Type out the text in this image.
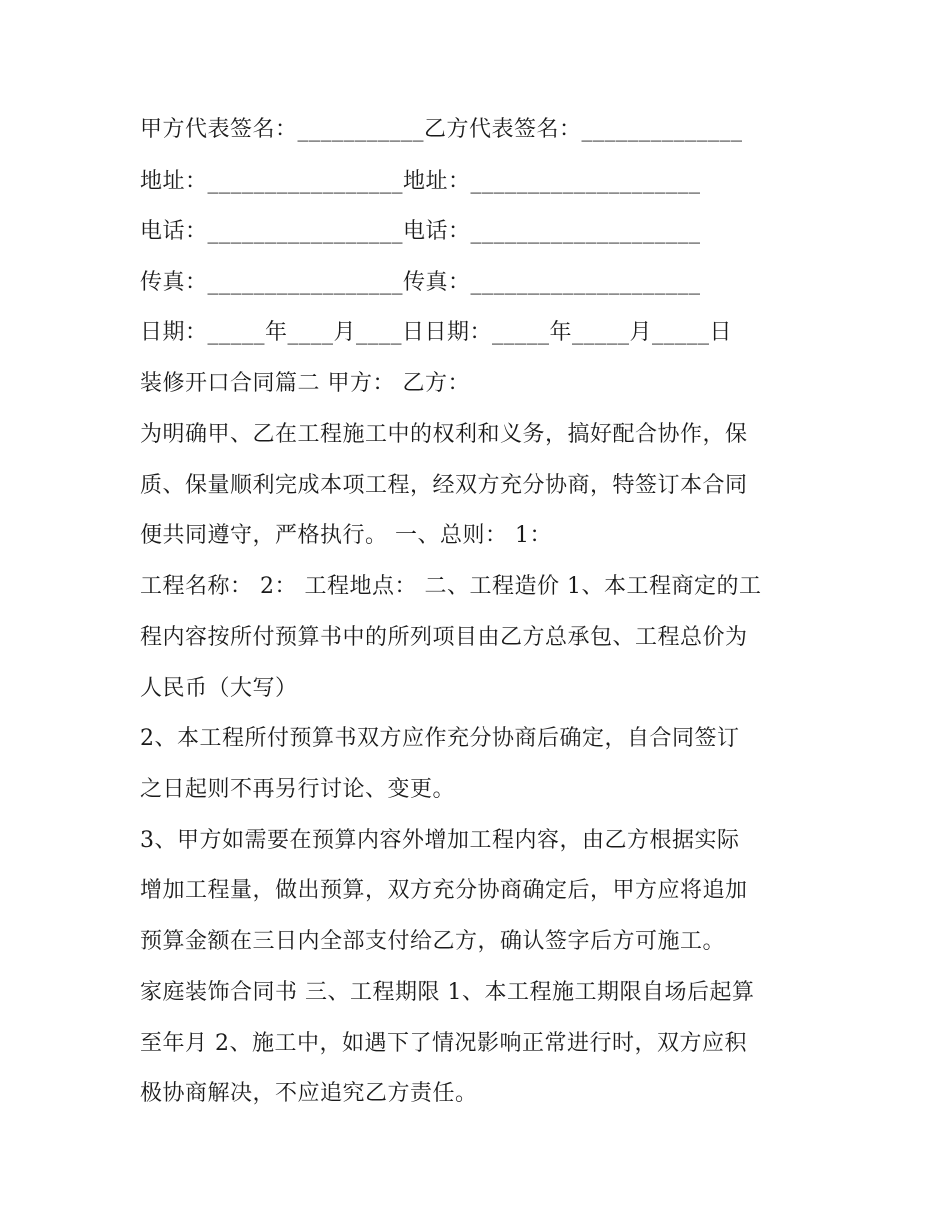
甲方代表签名：___________乙方代表签名：______________
地址：_________________地址：____________________
电话：_________________电话：____________________
传真：_________________传真：____________________
日期：_____年____月____日日期：_____年_____月_____日
装修开口合同篇二 甲方： 乙方：
为明确甲、乙在工程施工中的权利和义务，搞好配合协作，保
质、保量顺利完成本项工程，经双方充分协商，特签订本合同
便共同遵守，严格执行。 一、总则： 1：
工程名称： 2： 工程地点： 二、工程造价 1、本工程商定的工
程内容按所付预算书中的所列项目由乙方总承包、工程总价为
人民币（大写）
2、本工程所付预算书双方应作充分协商后确定，自合同签订
之日起则不再另行讨论、变更。
3、甲方如需要在预算内容外增加工程内容，由乙方根据实际
增加工程量，做出预算，双方充分协商确定后，甲方应将追加
预算金额在三日内全部支付给乙方，确认签字后方可施工。
家庭装饰合同书 三、工程期限 1、本工程施工期限自场后起算
至年月 2、施工中，如遇下了情况影响正常进行时，双方应积
极协商解决，不应追究乙方责任。
